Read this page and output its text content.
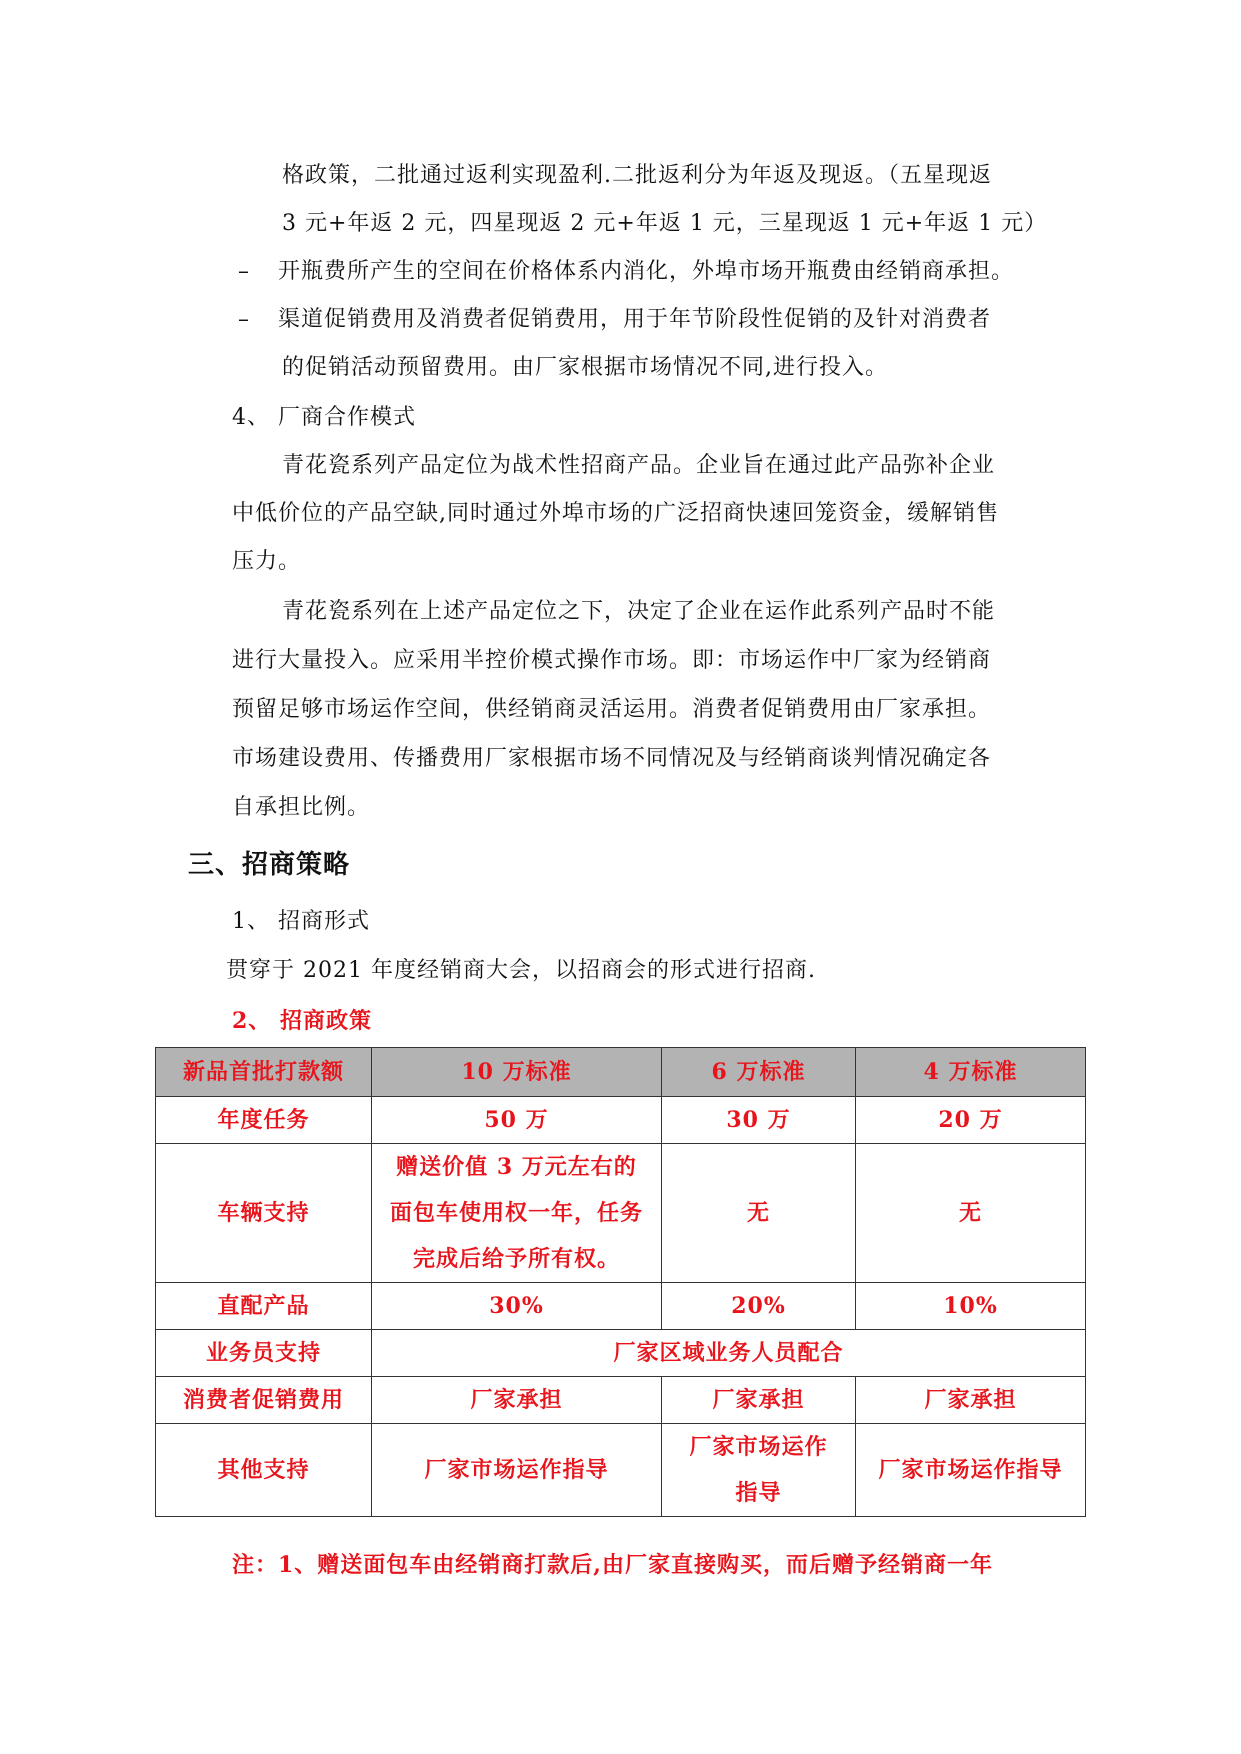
格政策，二批通过返利实现盈利.二批返利分为年返及现返。（五星现返
3 元+年返 2 元，四星现返 2 元+年返 1 元，三星现返 1 元+年返 1 元）
– 开瓶费所产生的空间在价格体系内消化，外埠市场开瓶费由经销商承担。
– 渠道促销费用及消费者促销费用，用于年节阶段性促销的及针对消费者
的促销活动预留费用。由厂家根据市场情况不同,进行投入。
4、 厂商合作模式
青花瓷系列产品定位为战术性招商产品。企业旨在通过此产品弥补企业
中低价位的产品空缺,同时通过外埠市场的广泛招商快速回笼资金，缓解销售
压力。
青花瓷系列在上述产品定位之下，决定了企业在运作此系列产品时不能
进行大量投入。应采用半控价模式操作市场。即：市场运作中厂家为经销商
预留足够市场运作空间，供经销商灵活运用。消费者促销费用由厂家承担。
市场建设费用、传播费用厂家根据市场不同情况及与经销商谈判情况确定各
自承担比例。
三、招商策略
1、 招商形式
贯穿于 2021 年度经销商大会，以招商会的形式进行招商.
2、 招商政策
新品首批打款额	10 万标准	6 万标准	4 万标准
年度任务	50 万	30 万	20 万
车辆支持	赠送价值 3 万元左右的
面包车使用权一年，任务
完成后给予所有权。	无	无
直配产品	30%	20%	10%
业务员支持	厂家区域业务人员配合		
消费者促销费用	厂家承担	厂家承担	厂家承担
其他支持	厂家市场运作指导	厂家市场运作
指导	厂家市场运作指导
注：1、赠送面包车由经销商打款后,由厂家直接购买，而后赠予经销商一年
